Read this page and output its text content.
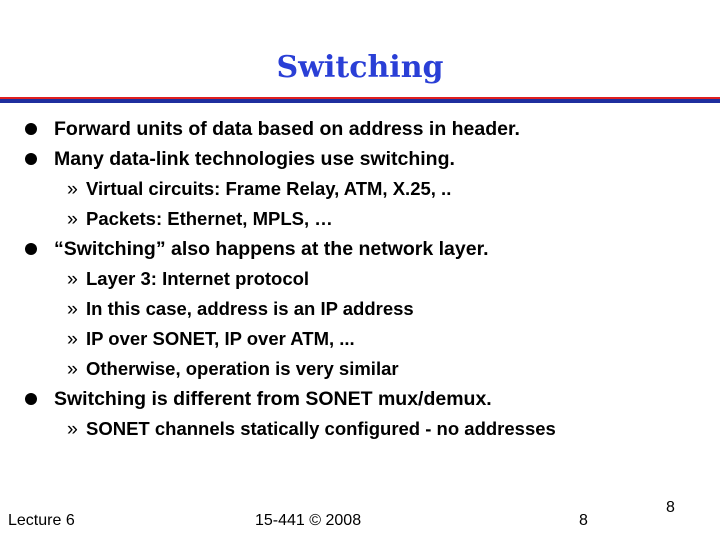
Switching
Forward units of data based on address in header.
Many data-link technologies use switching.
» Virtual circuits: Frame Relay, ATM, X.25, ..
» Packets: Ethernet, MPLS, …
“Switching” also happens at the network layer.
» Layer 3: Internet protocol
» In this case, address is an IP address
» IP over SONET, IP over ATM, ...
» Otherwise, operation is very similar
Switching is different from SONET mux/demux.
» SONET channels statically configured - no addresses
Lecture 6	15-441 © 2008	8
8
